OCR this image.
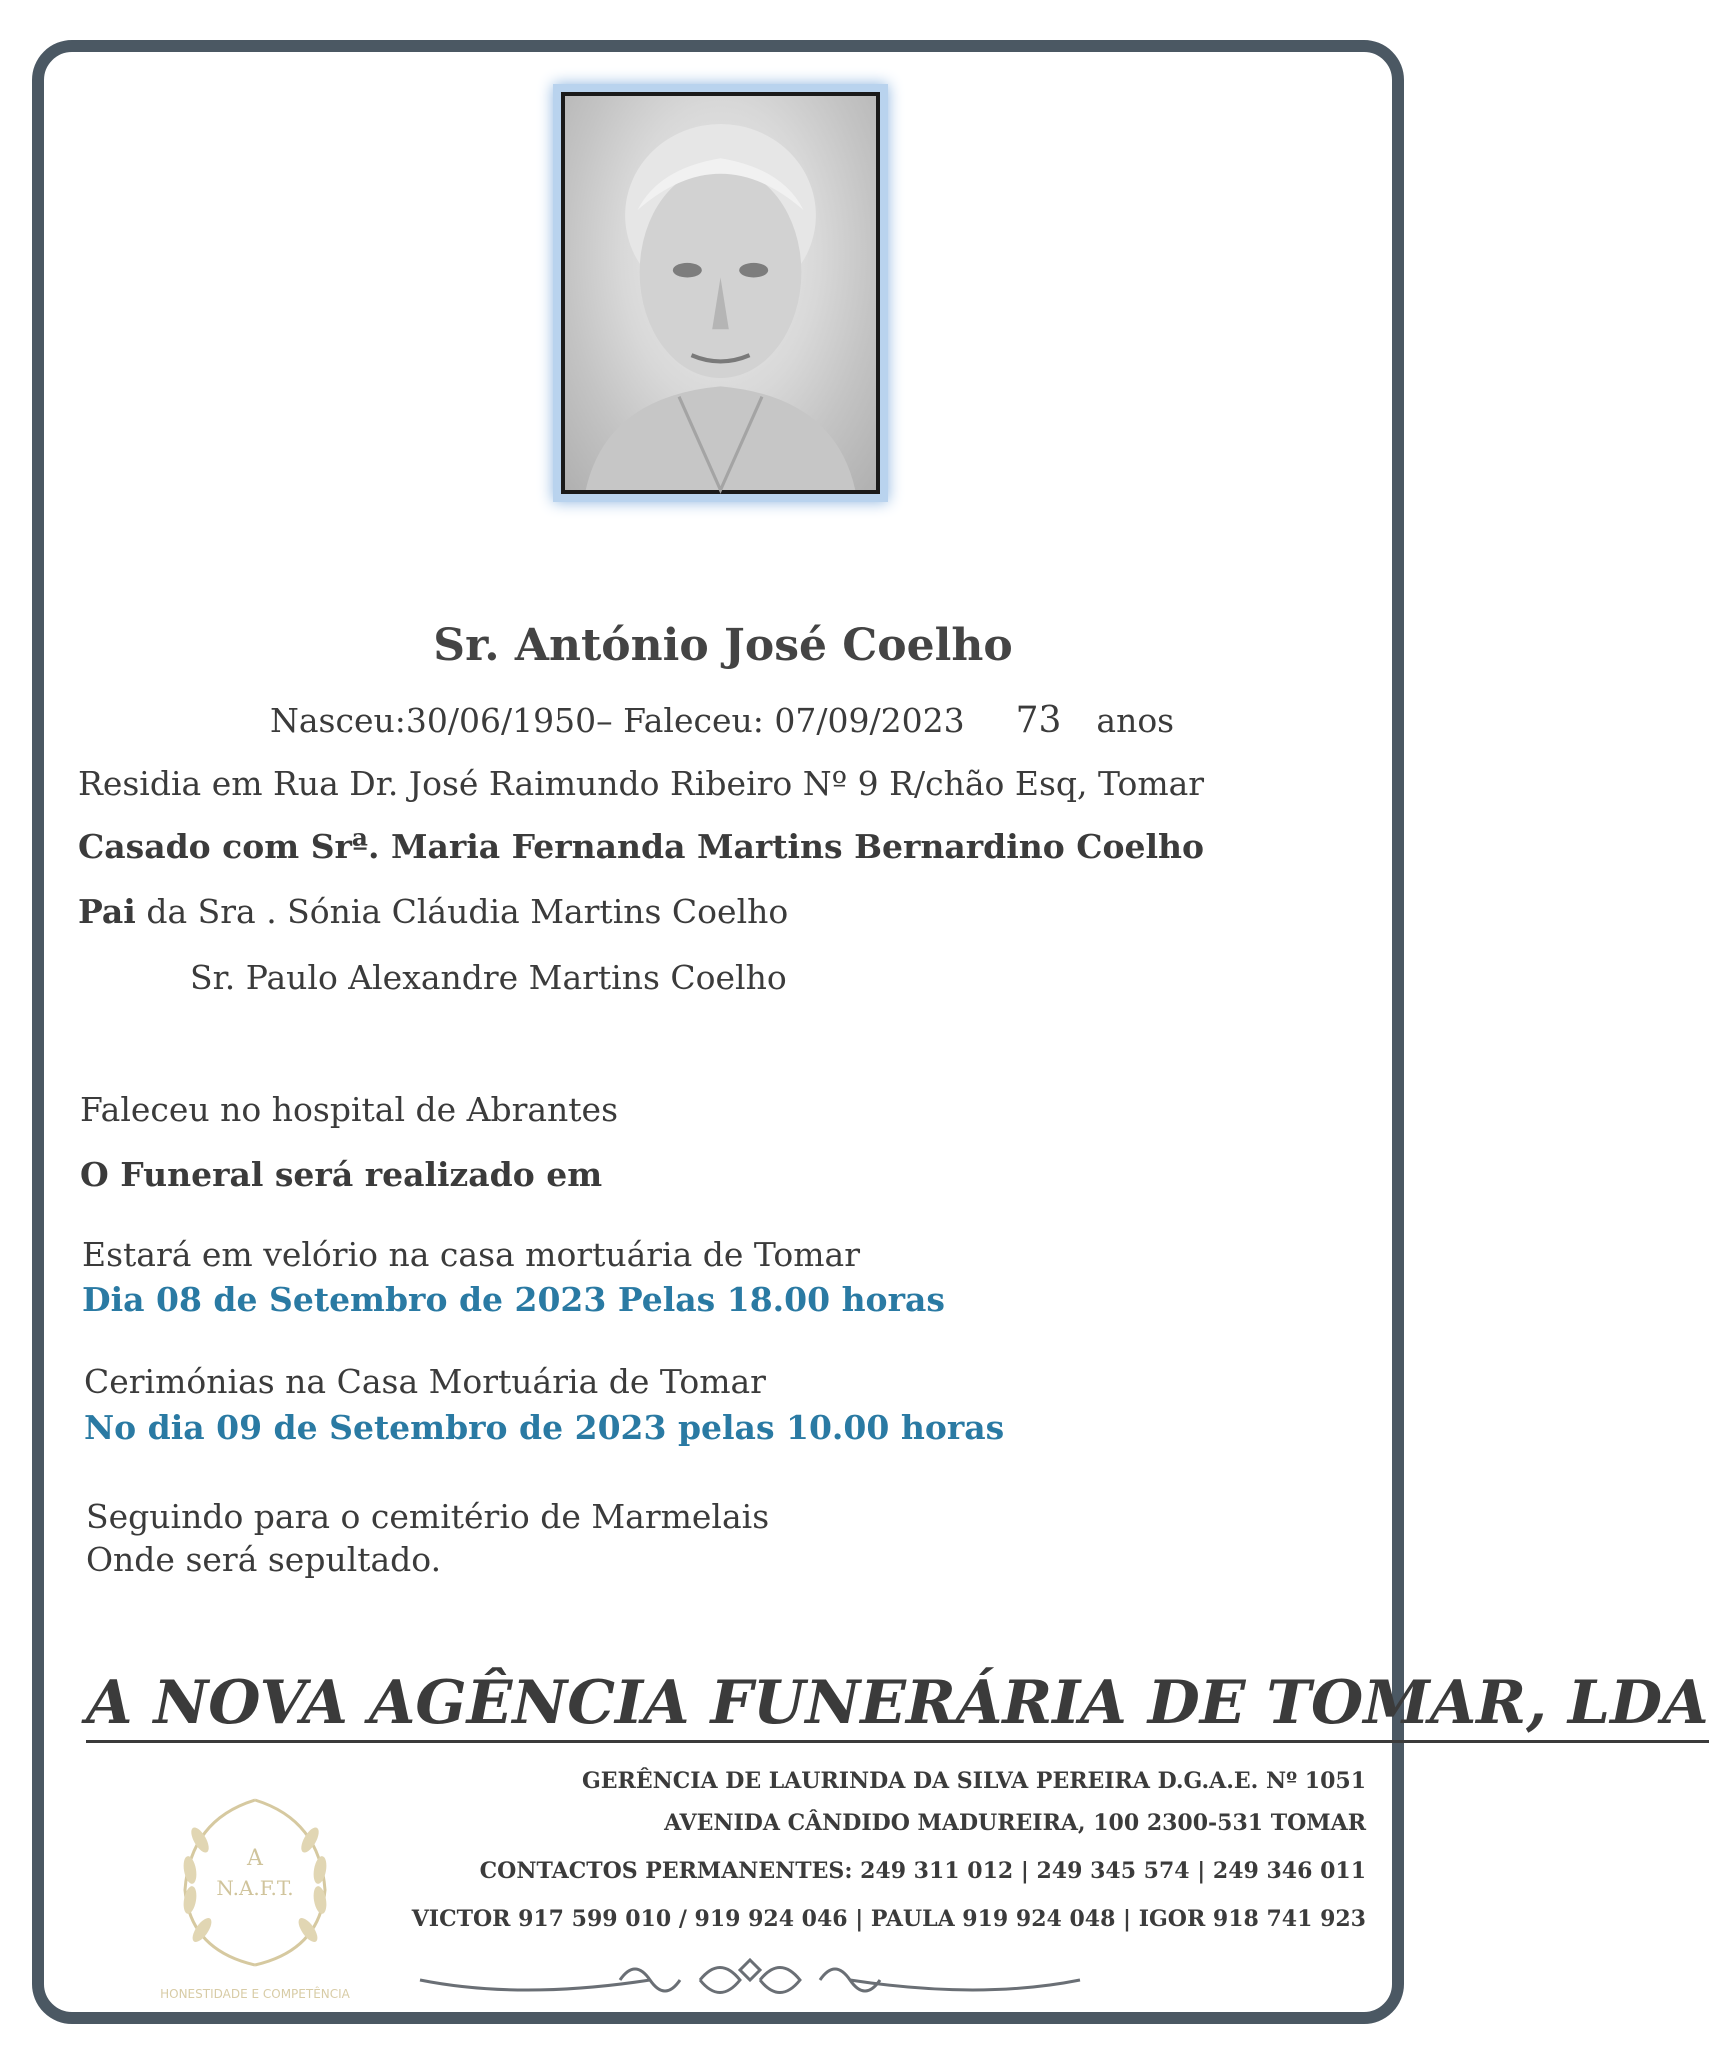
Sr. António José Coelho
Nasceu:30/06/1950– Faleceu: 07/09/2023 73 anos
Residia em Rua Dr. José Raimundo Ribeiro Nº 9 R/chão Esq, Tomar
Casado com Srª. Maria Fernanda Martins Bernardino Coelho
Pai da Sra . Sónia Cláudia Martins Coelho
Sr. Paulo Alexandre Martins Coelho
Faleceu no hospital de Abrantes
O Funeral será realizado em
Estará em velório na casa mortuária de Tomar
Dia 08 de Setembro de 2023 Pelas 18.00 horas
Cerimónias na Casa Mortuária de Tomar
No dia 09 de Setembro de 2023 pelas 10.00 horas
Seguindo para o cemitério de Marmelais
Onde será sepultado.
A NOVA AGÊNCIA FUNERÁRIA DE TOMAR, LDA
GERÊNCIA DE LAURINDA DA SILVA PEREIRA D.G.A.E. Nº 1051
AVENIDA CÂNDIDO MADUREIRA, 100 2300-531 TOMAR
CONTACTOS PERMANENTES: 249 311 012 | 249 345 574 | 249 346 011
VICTOR 917 599 010 / 919 924 046 | PAULA 919 924 048 | IGOR 918 741 923
A
N.A.F.T.
HONESTIDADE E COMPETÊNCIA
